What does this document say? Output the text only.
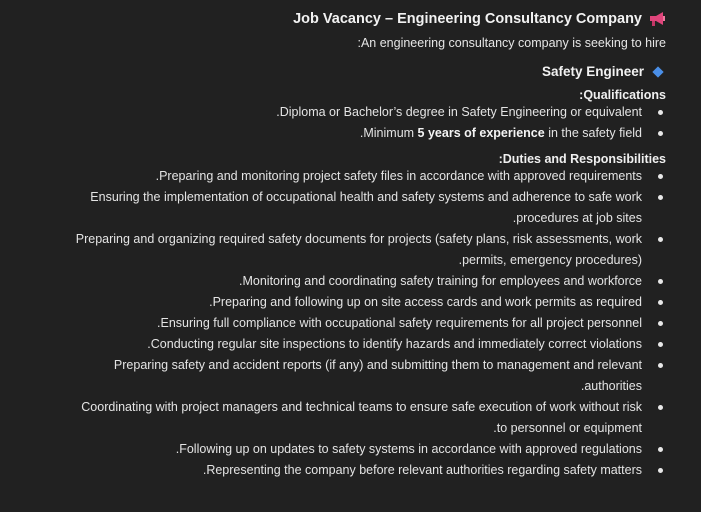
Job Vacancy – Engineering Consultancy Company
:An engineering consultancy company is seeking to hire
Safety Engineer
:Qualifications
.Diploma or Bachelor’s degree in Safety Engineering or equivalent
.Minimum 5 years of experience in the safety field
:Duties and Responsibilities
.Preparing and monitoring project safety files in accordance with approved requirements
Ensuring the implementation of occupational health and safety systems and adherence to safe work
.procedures at job sites
Preparing and organizing required safety documents for projects (safety plans, risk assessments, work
.permits, emergency procedures)
.Monitoring and coordinating safety training for employees and workforce
.Preparing and following up on site access cards and work permits as required
.Ensuring full compliance with occupational safety requirements for all project personnel
.Conducting regular site inspections to identify hazards and immediately correct violations
Preparing safety and accident reports (if any) and submitting them to management and relevant
.authorities
Coordinating with project managers and technical teams to ensure safe execution of work without risk
.to personnel or equipment
.Following up on updates to safety systems in accordance with approved regulations
.Representing the company before relevant authorities regarding safety matters
